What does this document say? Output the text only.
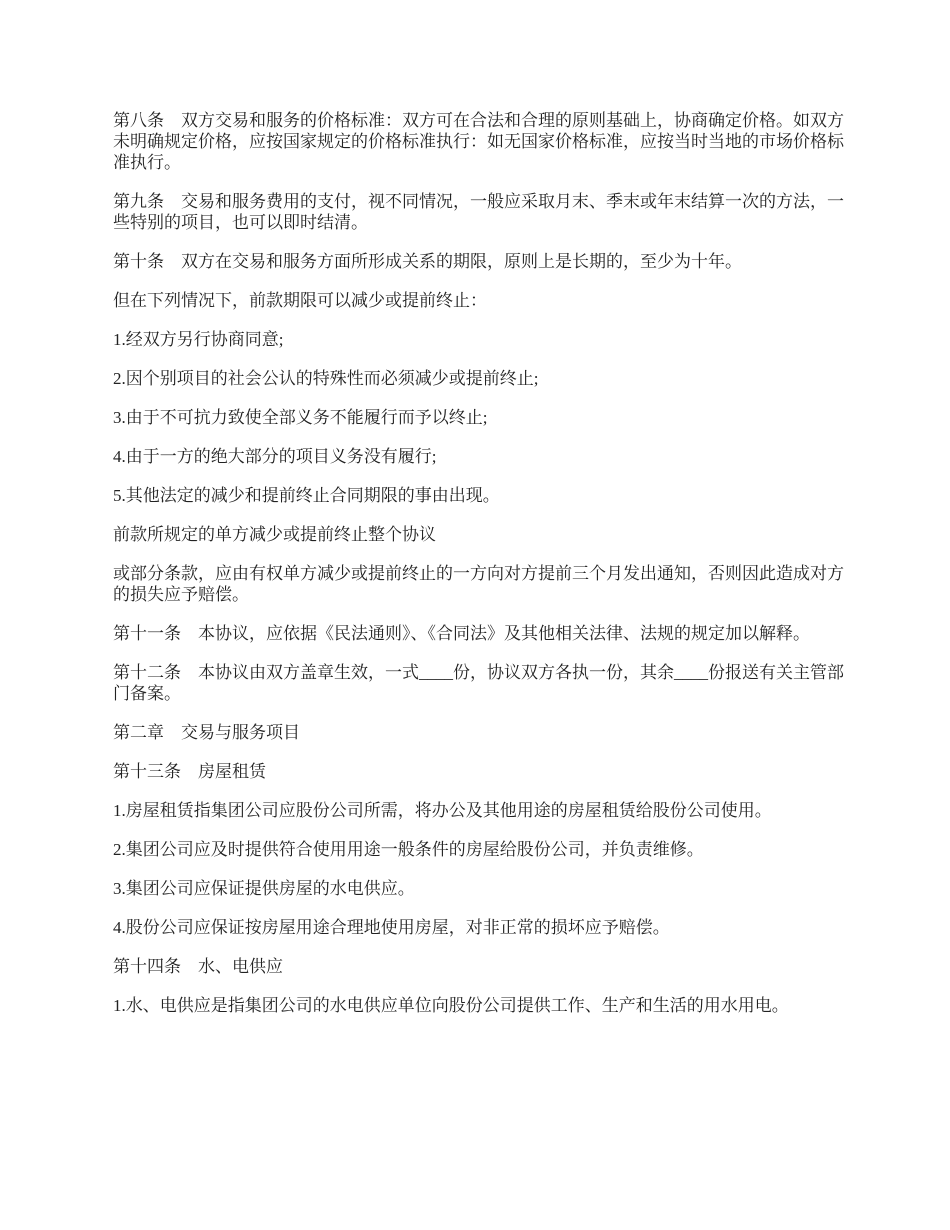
第八条　双方交易和服务的价格标准：双方可在合法和合理的原则基础上，协商确定价格。如双方未明确规定价格，应按国家规定的价格标准执行：如无国家价格标准，应按当时当地的市场价格标准执行。

第九条　交易和服务费用的支付，视不同情况，一般应采取月末、季末或年末结算一次的方法，一些特别的项目，也可以即时结清。

第十条　双方在交易和服务方面所形成关系的期限，原则上是长期的，至少为十年。

但在下列情况下，前款期限可以减少或提前终止：

1.经双方另行协商同意;

2.因个别项目的社会公认的特殊性而必须减少或提前终止;

3.由于不可抗力致使全部义务不能履行而予以终止;

4.由于一方的绝大部分的项目义务没有履行;

5.其他法定的减少和提前终止合同期限的事由出现。

前款所规定的单方减少或提前终止整个协议

或部分条款，应由有权单方减少或提前终止的一方向对方提前三个月发出通知，否则因此造成对方的损失应予赔偿。

第十一条　本协议，应依据《民法通则》、《合同法》及其他相关法律、法规的规定加以解释。

第十二条　本协议由双方盖章生效，一式____份，协议双方各执一份，其余____份报送有关主管部门备案。

第二章　交易与服务项目

第十三条　房屋租赁

1.房屋租赁指集团公司应股份公司所需，将办公及其他用途的房屋租赁给股份公司使用。

2.集团公司应及时提供符合使用用途一般条件的房屋给股份公司，并负责维修。

3.集团公司应保证提供房屋的水电供应。

4.股份公司应保证按房屋用途合理地使用房屋，对非正常的损坏应予赔偿。

第十四条　水、电供应

1.水、电供应是指集团公司的水电供应单位向股份公司提供工作、生产和生活的用水用电。
